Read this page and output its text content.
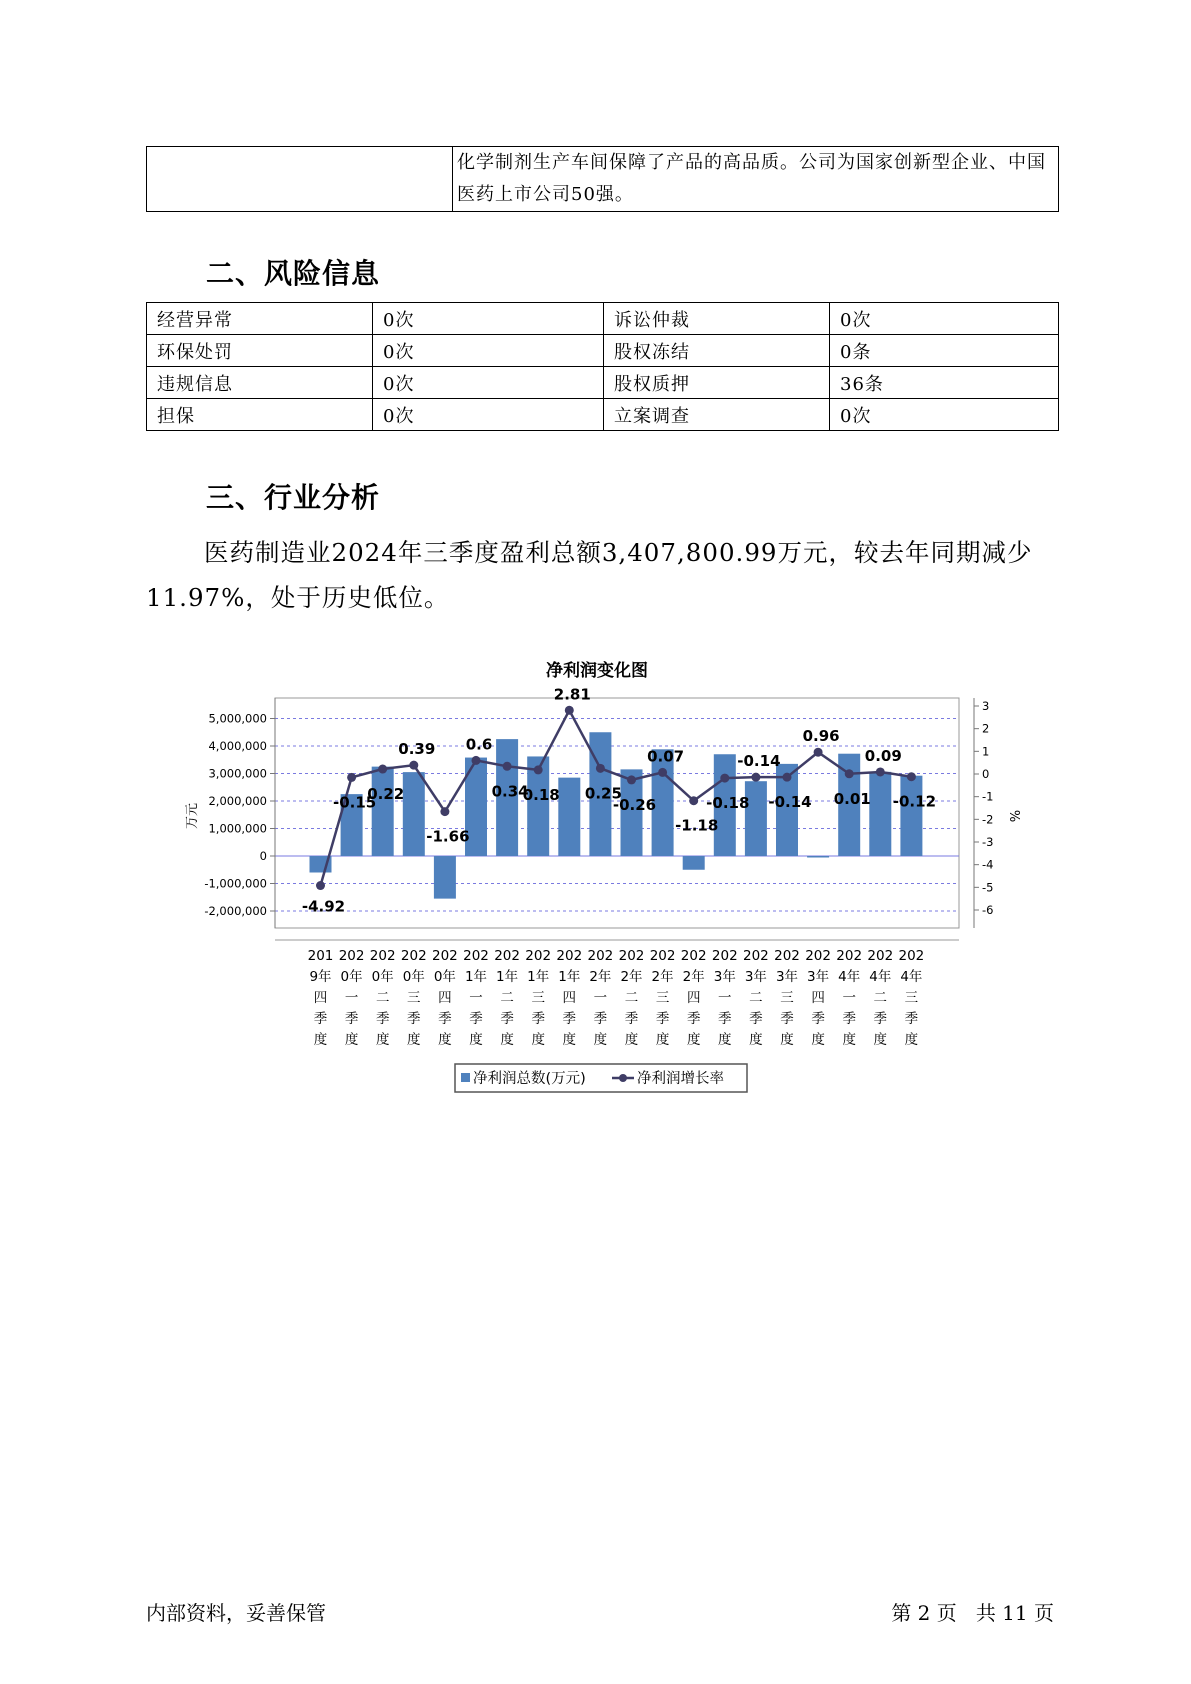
	化学制剂生产车间保障了产品的高品质。公司为国家创新型企业、中国医药上市公司50强。
二、风险信息
经营异常	0次	诉讼仲裁	0次
环保处罚	0次	股权冻结	0条
违规信息	0次	股权质押	36条
担保	0次	立案调查	0次
三、行业分析

医药制造业2024年三季度盈利总额3,407,800.99万元，较去年同期减少11.97%，处于历史低位。

净利润变化图
-2,000,000
-1,000,000
0
1,000,000
2,000,000
3,000,000
4,000,000
5,000,000
-6
-5
-4
-3
-2
-1
0
1
2
3
-4.92
-0.15
0.22
0.39
-1.66
0.6
0.34
0.18
2.81
0.25
-0.26
0.07
-1.18
-0.18
-0.14
-0.14
0.96
0.01
0.09
-0.12
201 9年四季度
202 0年一季度
202 0年二季度
202 0年三季度
202 0年四季度
202 1年一季度
202 1年二季度
202 1年三季度
202 1年四季度
202 2年一季度
202 2年二季度
202 2年三季度
202 2年四季度
202 3年一季度
202 3年二季度
202 3年三季度
202 3年四季度
202 4年一季度
202 4年二季度
202 4年三季度
万元	%
净利润总数(万元)	净利润增长率
内部资料，妥善保管	第 2 页   共 11 页
